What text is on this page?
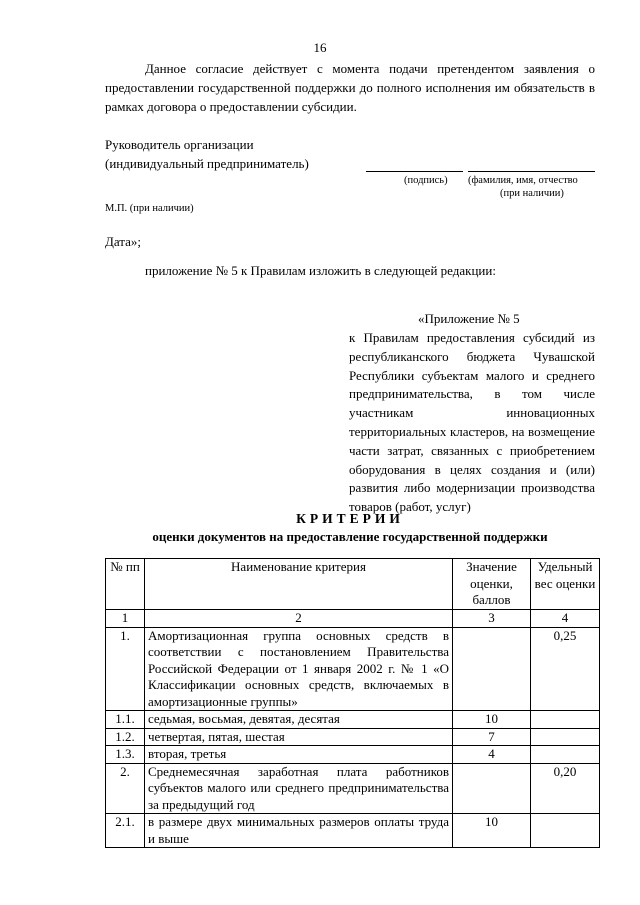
16
Данное согласие действует с момента подачи претендентом заявления о предоставлении государственной поддержки до полного исполнения им обязательств в рамках договора о предоставлении субсидии.
Руководитель организации
(индивидуальный предприниматель)
(подпись) (фамилия, имя, отчество
(при наличии)
М.П. (при наличии)
Дата»;
приложение № 5 к Правилам изложить в следующей редакции:
«Приложение № 5
к Правилам предоставления субсидий из республиканского бюджета Чувашской Республики субъектам малого и среднего предпринимательства, в том числе участникам инновационных территориальных кластеров, на возмещение части затрат, связанных с приобретением оборудования в целях создания и (или) развития либо модернизации производства товаров (работ, услуг)
КРИТЕРИИ
оценки документов на предоставление государственной поддержки
№ пп	Наименование критерия	Значение оценки, баллов	Удельный вес оценки
1	2	3	4
1.	Амортизационная группа основных средств в соответствии с постановлением Правительства Российской Федерации от 1 января 2002 г. № 1 «О Классификации основных средств, включаемых в амортизационные группы»		0,25
1.1.	седьмая, восьмая, девятая, десятая	10	
1.2.	четвертая, пятая, шестая	7	
1.3.	вторая, третья	4	
2.	Среднемесячная заработная плата работников субъектов малого или среднего предпринимательства за предыдущий год		0,20
2.1.	в размере двух минимальных размеров оплаты труда и выше	10	
